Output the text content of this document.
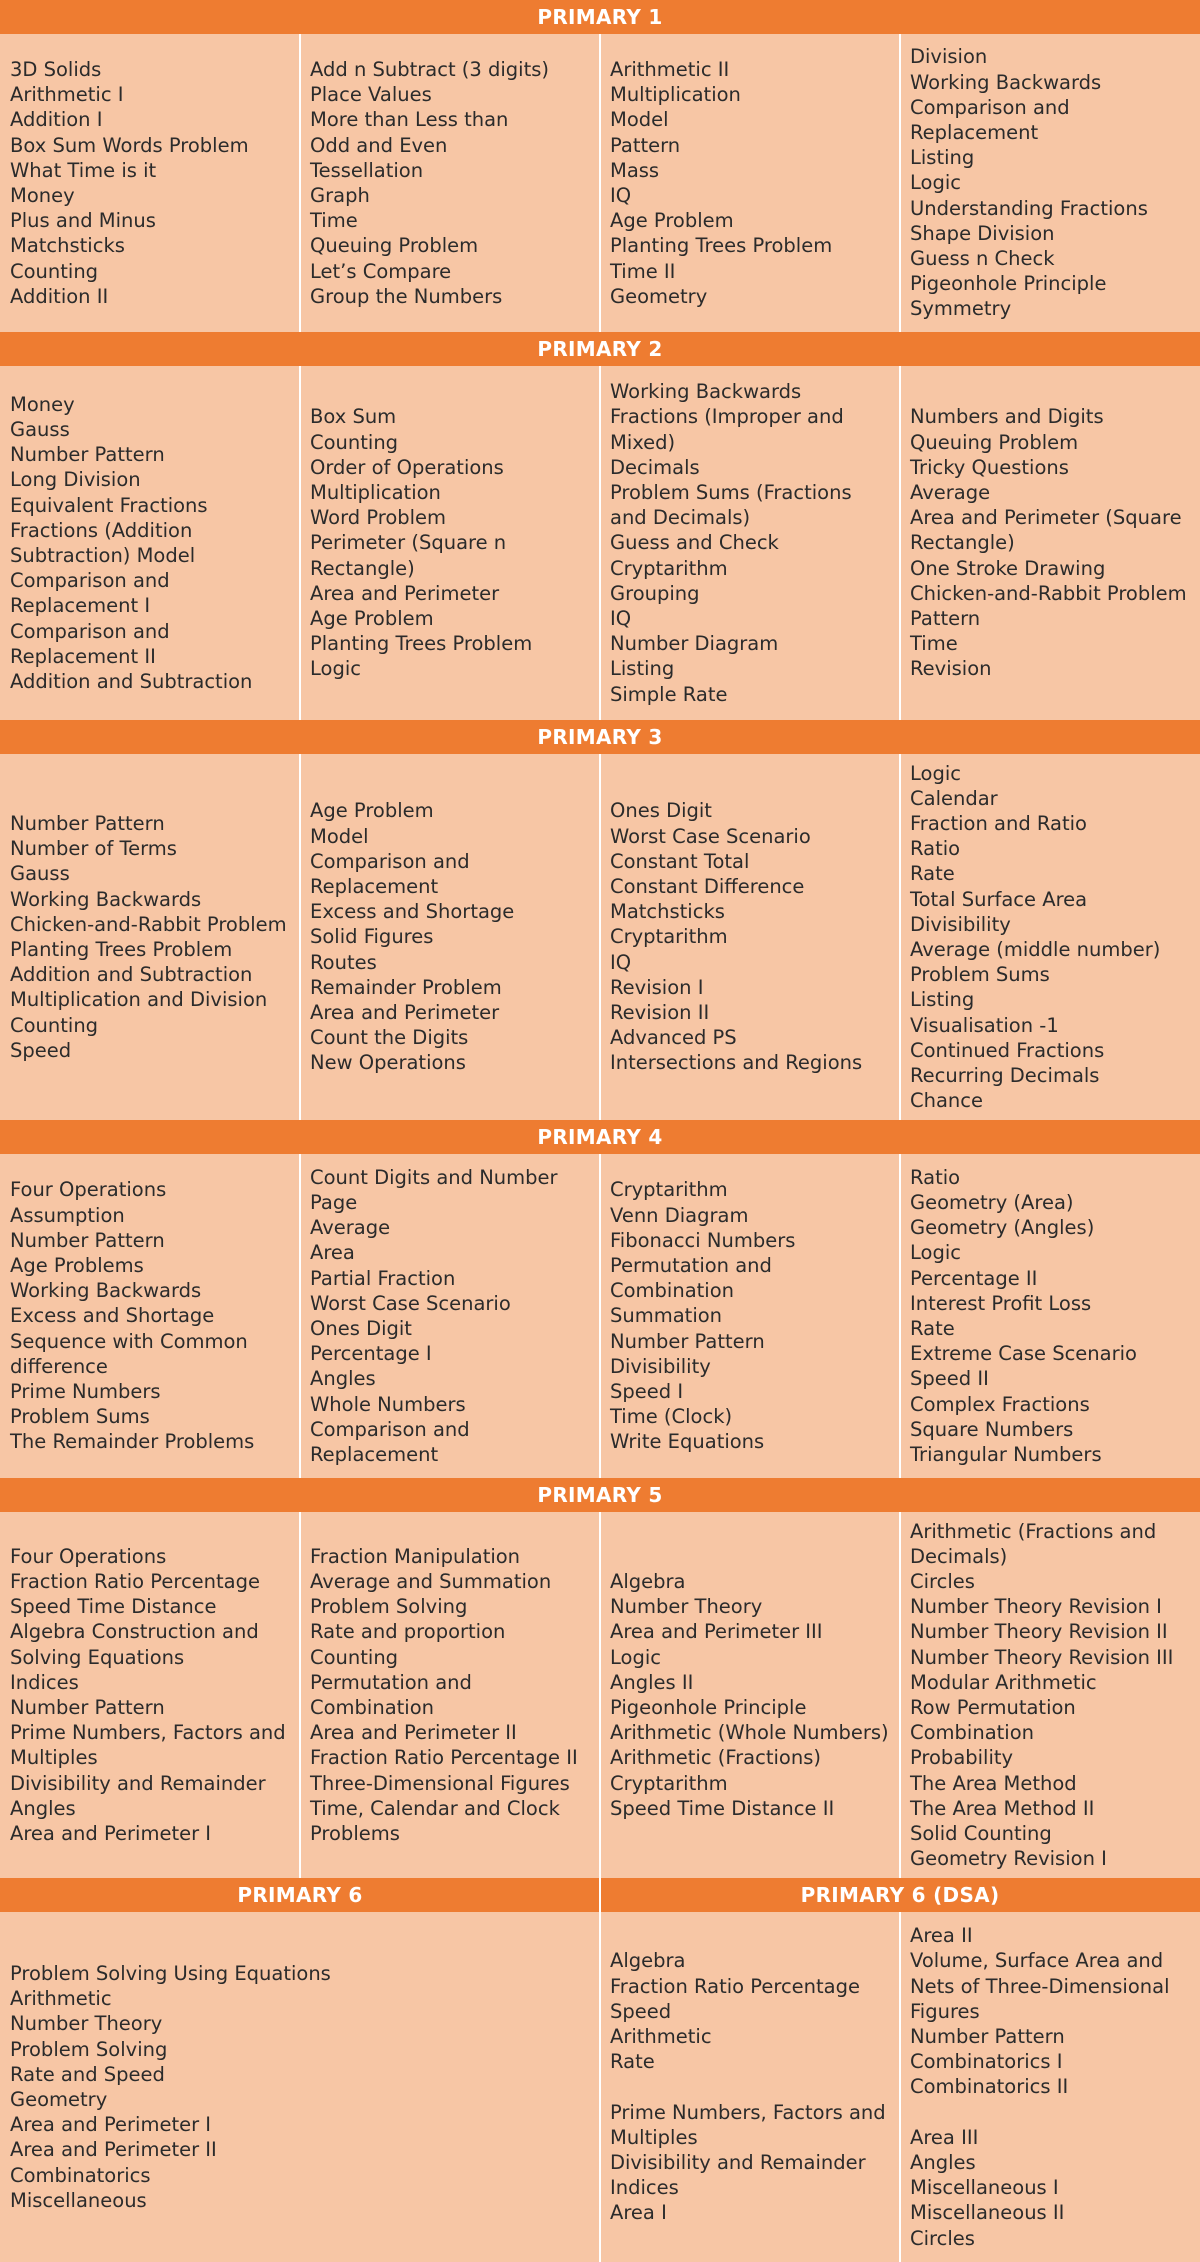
PRIMARY 1
3D Solids
Arithmetic I
Addition I
Box Sum Words Problem
What Time is it
Money
Plus and Minus
Matchsticks
Counting
Addition II
Add n Subtract (3 digits)
Place Values
More than Less than
Odd and Even
Tessellation
Graph
Time
Queuing Problem
Let’s Compare
Group the Numbers
Arithmetic II
Multiplication
Model
Pattern
Mass
IQ
Age Problem
Planting Trees Problem
Time II
Geometry
Division
Working Backwards
Comparison and
Replacement
Listing
Logic
Understanding Fractions
Shape Division
Guess n Check
Pigeonhole Principle
Symmetry
PRIMARY 2
Money
Gauss
Number Pattern
Long Division
Equivalent Fractions
Fractions (Addition
Subtraction) Model
Comparison and
Replacement I
Comparison and
Replacement II
Addition and Subtraction
Box Sum
Counting
Order of Operations
Multiplication
Word Problem
Perimeter (Square n
Rectangle)
Area and Perimeter
Age Problem
Planting Trees Problem
Logic
Working Backwards
Fractions (Improper and
Mixed)
Decimals
Problem Sums (Fractions
and Decimals)
Guess and Check
Cryptarithm
Grouping
IQ
Number Diagram
Listing
Simple Rate
Numbers and Digits
Queuing Problem
Tricky Questions
Average
Area and Perimeter (Square
Rectangle)
One Stroke Drawing
Chicken-and-Rabbit Problem
Pattern
Time
Revision
PRIMARY 3
Number Pattern
Number of Terms
Gauss
Working Backwards
Chicken-and-Rabbit Problem
Planting Trees Problem
Addition and Subtraction
Multiplication and Division
Counting
Speed
Age Problem
Model
Comparison and
Replacement
Excess and Shortage
Solid Figures
Routes
Remainder Problem
Area and Perimeter
Count the Digits
New Operations
Ones Digit
Worst Case Scenario
Constant Total
Constant Difference
Matchsticks
Cryptarithm
IQ
Revision I
Revision II
Advanced PS
Intersections and Regions
Logic
Calendar
Fraction and Ratio
Ratio
Rate
Total Surface Area
Divisibility
Average (middle number)
Problem Sums
Listing
Visualisation -1
Continued Fractions
Recurring Decimals
Chance
PRIMARY 4
Four Operations
Assumption
Number Pattern
Age Problems
Working Backwards
Excess and Shortage
Sequence with Common
difference
Prime Numbers
Problem Sums
The Remainder Problems
Count Digits and Number
Page
Average
Area
Partial Fraction
Worst Case Scenario
Ones Digit
Percentage I
Angles
Whole Numbers
Comparison and
Replacement
Cryptarithm
Venn Diagram
Fibonacci Numbers
Permutation and
Combination
Summation
Number Pattern
Divisibility
Speed I
Time (Clock)
Write Equations
Ratio
Geometry (Area)
Geometry (Angles)
Logic
Percentage II
Interest Profit Loss
Rate
Extreme Case Scenario
Speed II
Complex Fractions
Square Numbers
Triangular Numbers
PRIMARY 5
Four Operations
Fraction Ratio Percentage
Speed Time Distance
Algebra Construction and
Solving Equations
Indices
Number Pattern
Prime Numbers, Factors and
Multiples
Divisibility and Remainder
Angles
Area and Perimeter I
Fraction Manipulation
Average and Summation
Problem Solving
Rate and proportion
Counting
Permutation and
Combination
Area and Perimeter II
Fraction Ratio Percentage II
Three-Dimensional Figures
Time, Calendar and Clock
Problems
Algebra
Number Theory
Area and Perimeter III
Logic
Angles II
Pigeonhole Principle
Arithmetic (Whole Numbers)
Arithmetic (Fractions)
Cryptarithm
Speed Time Distance II
Arithmetic (Fractions and
Decimals)
Circles
Number Theory Revision I
Number Theory Revision II
Number Theory Revision III
Modular Arithmetic
Row Permutation
Combination
Probability
The Area Method
The Area Method II
Solid Counting
Geometry Revision I
PRIMARY 6	PRIMARY 6 (DSA)
Problem Solving Using Equations
Arithmetic
Number Theory
Problem Solving
Rate and Speed
Geometry
Area and Perimeter I
Area and Perimeter II
Combinatorics
Miscellaneous
Algebra
Fraction Ratio Percentage
Speed
Arithmetic
Rate
Prime Numbers, Factors and
Multiples
Divisibility and Remainder
Indices
Area I
Area II
Volume, Surface Area and
Nets of Three-Dimensional
Figures
Number Pattern
Combinatorics I
Combinatorics II
Area III
Angles
Miscellaneous I
Miscellaneous II
Circles
